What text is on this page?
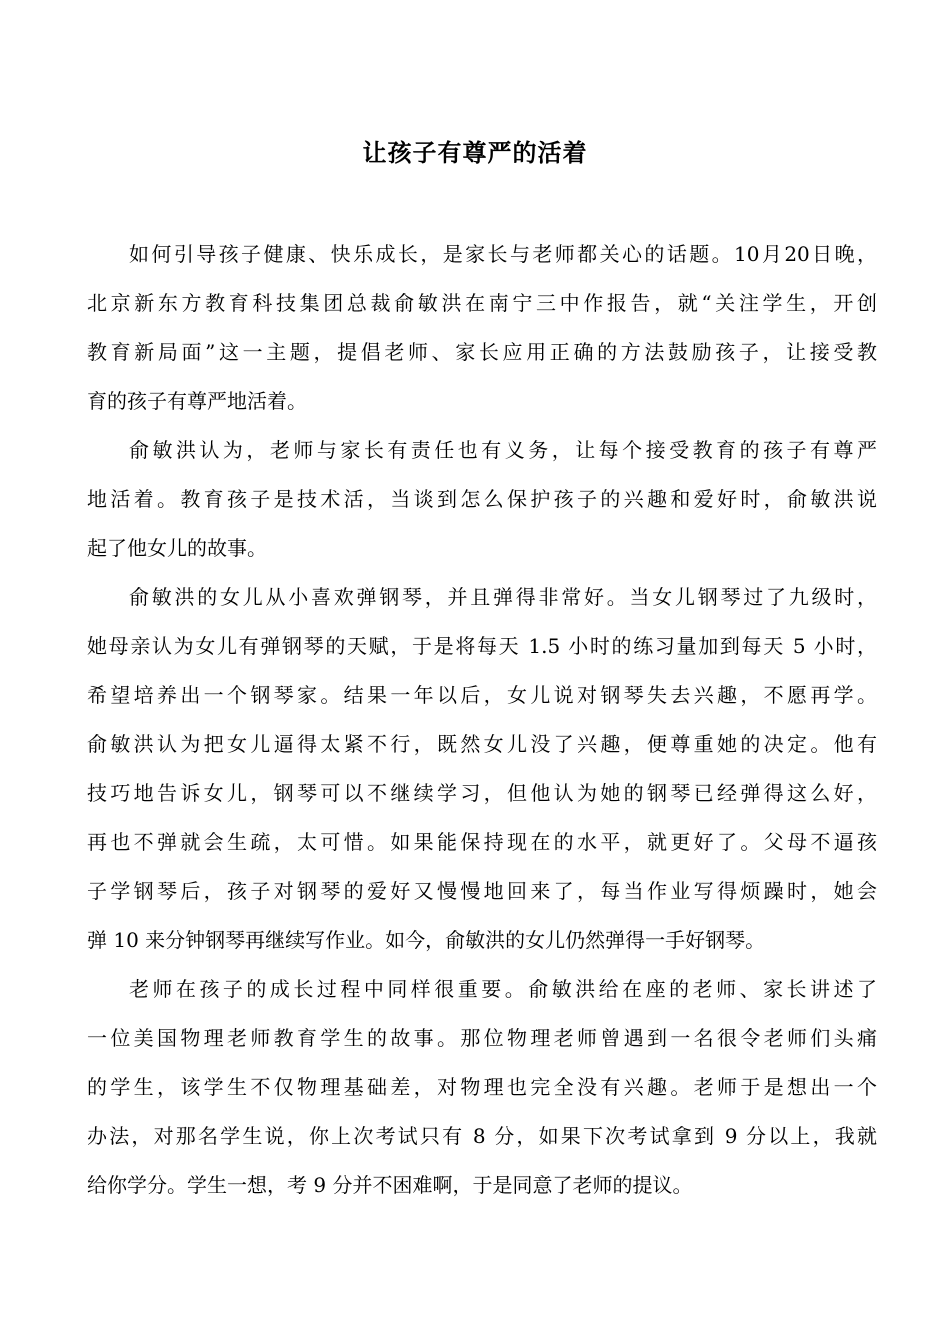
让孩子有尊严的活着

如何引导孩子健康、快乐成长，是家长与老师都关心的话题。10月20日晚，
北京新东方教育科技集团总裁俞敏洪在南宁三中作报告，就“关注学生，开创
教育新局面”这一主题，提倡老师、家长应用正确的方法鼓励孩子，让接受教
育的孩子有尊严地活着。

俞敏洪认为，老师与家长有责任也有义务，让每个接受教育的孩子有尊严
地活着。教育孩子是技术活，当谈到怎么保护孩子的兴趣和爱好时，俞敏洪说
起了他女儿的故事。

俞敏洪的女儿从小喜欢弹钢琴，并且弹得非常好。当女儿钢琴过了九级时，
她母亲认为女儿有弹钢琴的天赋，于是将每天 1.5 小时的练习量加到每天 5 小时，
希望培养出一个钢琴家。结果一年以后，女儿说对钢琴失去兴趣，不愿再学。
俞敏洪认为把女儿逼得太紧不行，既然女儿没了兴趣，便尊重她的决定。他有
技巧地告诉女儿，钢琴可以不继续学习，但他认为她的钢琴已经弹得这么好，
再也不弹就会生疏，太可惜。如果能保持现在的水平，就更好了。父母不逼孩
子学钢琴后，孩子对钢琴的爱好又慢慢地回来了，每当作业写得烦躁时，她会
弹 10 来分钟钢琴再继续写作业。如今，俞敏洪的女儿仍然弹得一手好钢琴。

老师在孩子的成长过程中同样很重要。俞敏洪给在座的老师、家长讲述了
一位美国物理老师教育学生的故事。那位物理老师曾遇到一名很令老师们头痛
的学生，该学生不仅物理基础差，对物理也完全没有兴趣。老师于是想出一个
办法，对那名学生说，你上次考试只有 8 分，如果下次考试拿到 9 分以上，我就
给你学分。学生一想，考 9 分并不困难啊，于是同意了老师的提议。
